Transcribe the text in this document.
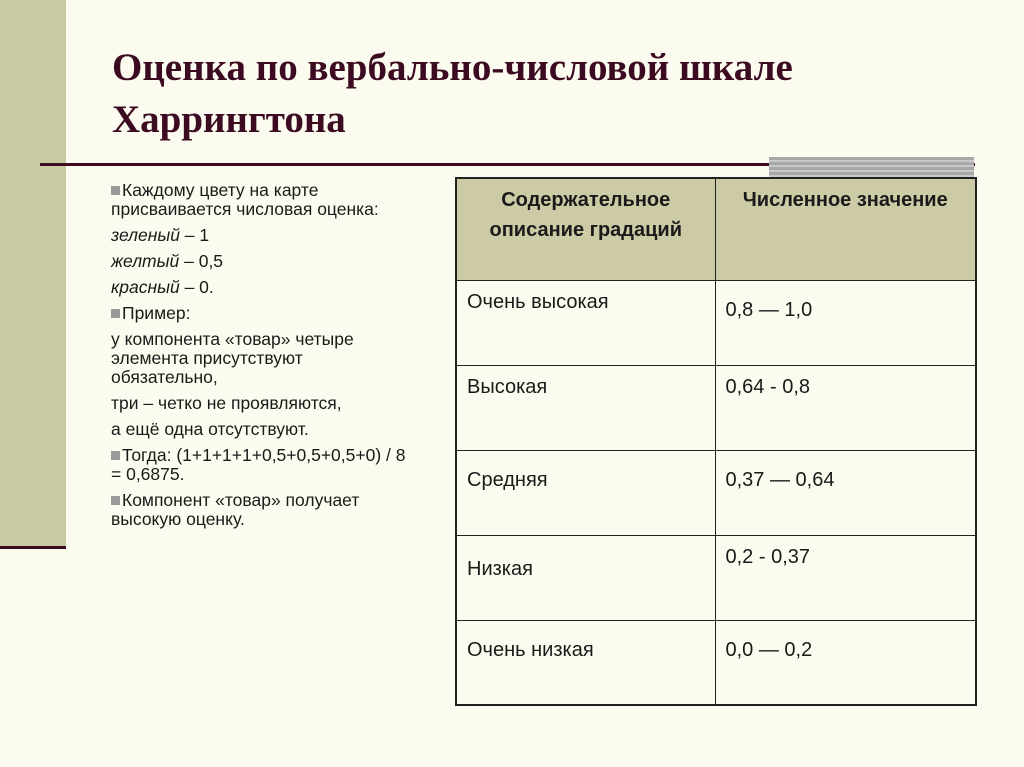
Оценка по вербально-числовой шкале
Харрингтона

Каждому цвету на карте присваивается числовая оценка:

зеленый – 1

желтый – 0,5

красный – 0.

Пример:

у компонента «товар» четыре элемента присутствуют обязательно,

три – четко не проявляются,

а ещё одна отсутствуют.

Тогда: (1+1+1+1+0,5+0,5+0,5+0) / 8 = 0,6875.

Компонент «товар» получает высокую оценку.

Содержательное описание градаций	Численное значение
Очень высокая	0,8 — 1,0
Высокая	0,64 - 0,8
Средняя	0,37 — 0,64
Низкая	0,2 - 0,37
Очень низкая	0,0 — 0,2
